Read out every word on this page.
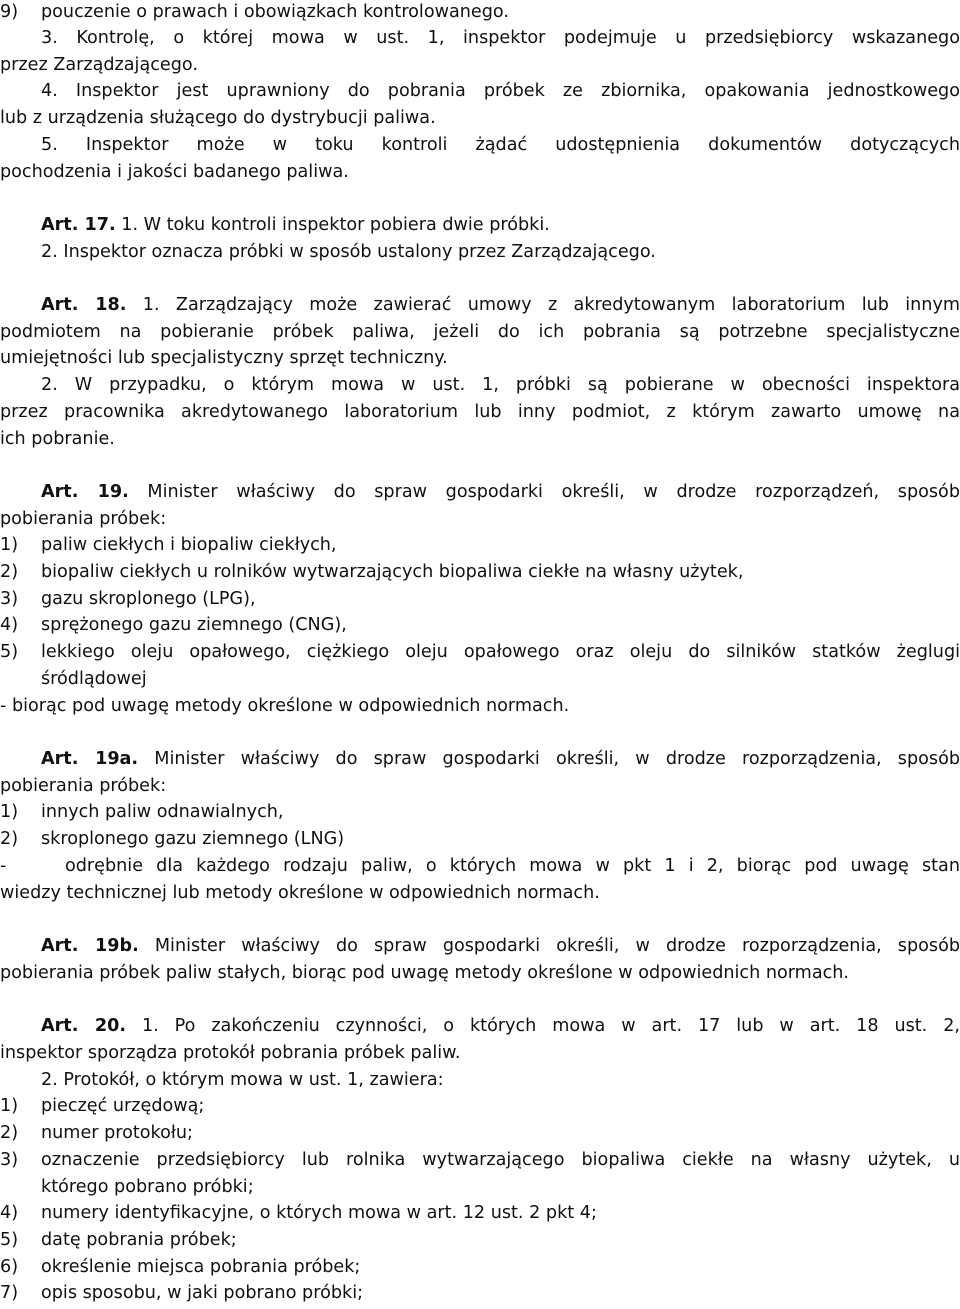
9) pouczenie o prawach i obowiązkach kontrolowanego.
3. Kontrolę, o której mowa w ust. 1, inspektor podejmuje u przedsiębiorcy wskazanego
przez Zarządzającego.
4. Inspektor jest uprawniony do pobrania próbek ze zbiornika, opakowania jednostkowego
lub z urządzenia służącego do dystrybucji paliwa.
5. Inspektor może w toku kontroli żądać udostępnienia dokumentów dotyczących
pochodzenia i jakości badanego paliwa.
Art. 17. 1. W toku kontroli inspektor pobiera dwie próbki.
2. Inspektor oznacza próbki w sposób ustalony przez Zarządzającego.
Art. 18. 1. Zarządzający może zawierać umowy z akredytowanym laboratorium lub innym
podmiotem na pobieranie próbek paliwa, jeżeli do ich pobrania są potrzebne specjalistyczne
umiejętności lub specjalistyczny sprzęt techniczny.
2. W przypadku, o którym mowa w ust. 1, próbki są pobierane w obecności inspektora
przez pracownika akredytowanego laboratorium lub inny podmiot, z którym zawarto umowę na
ich pobranie.
Art. 19. Minister właściwy do spraw gospodarki określi, w drodze rozporządzeń, sposób
pobierania próbek:
1) paliw ciekłych i biopaliw ciekłych,
2) biopaliw ciekłych u rolników wytwarzających biopaliwa ciekłe na własny użytek,
3) gazu skroplonego (LPG),
4) sprężonego gazu ziemnego (CNG),
5) lekkiego oleju opałowego, ciężkiego oleju opałowego oraz oleju do silników statków żeglugi
śródlądowej
- biorąc pod uwagę metody określone w odpowiednich normach.
Art. 19a. Minister właściwy do spraw gospodarki określi, w drodze rozporządzenia, sposób
pobierania próbek:
1) innych paliw odnawialnych,
2) skroplonego gazu ziemnego (LNG)
-	odrębnie dla każdego rodzaju paliw, o których mowa w pkt 1 i 2, biorąc pod uwagę stan
wiedzy technicznej lub metody określone w odpowiednich normach.
Art. 19b. Minister właściwy do spraw gospodarki określi, w drodze rozporządzenia, sposób
pobierania próbek paliw stałych, biorąc pod uwagę metody określone w odpowiednich normach.
Art. 20. 1. Po zakończeniu czynności, o których mowa w art. 17 lub w art. 18 ust. 2,
inspektor sporządza protokół pobrania próbek paliw.
2. Protokół, o którym mowa w ust. 1, zawiera:
1) pieczęć urzędową;
2) numer protokołu;
3) oznaczenie przedsiębiorcy lub rolnika wytwarzającego biopaliwa ciekłe na własny użytek, u
którego pobrano próbki;
4) numery identyfikacyjne, o których mowa w art. 12 ust. 2 pkt 4;
5) datę pobrania próbek;
6) określenie miejsca pobrania próbek;
7) opis sposobu, w jaki pobrano próbki;
